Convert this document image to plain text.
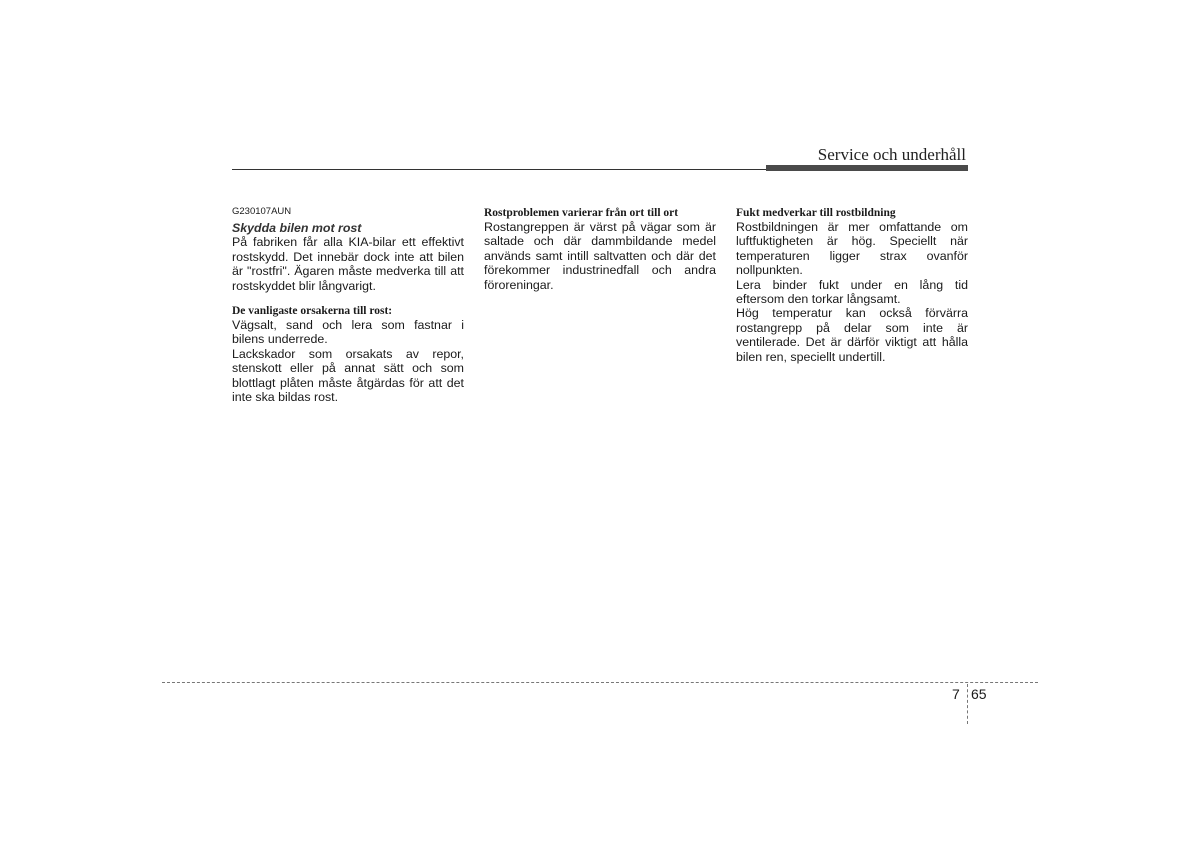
Service och underhåll
G230107AUN
Skydda bilen mot rost

På fabriken får alla KIA-bilar ett effektivt rostskydd. Det innebär dock inte att bilen är "rostfri". Ägaren måste medverka till att rostskyddet blir långvarigt.

De vanligaste orsakerna till rost:

Vägsalt, sand och lera som fastnar i bilens underrede.

Lackskador som orsakats av repor, stenskott eller på annat sätt och som blottlagt plåten måste åtgärdas för att det inte ska bildas rost.

Rostproblemen varierar från ort till ort

Rostangreppen är värst på vägar som är saltade och där dammbildande medel används samt intill saltvatten och där det förekommer industrinedfall och andra föroreningar.

Fukt medverkar till rostbildning

Rostbildningen är mer omfattande om luftfuktigheten är hög. Speciellt när temperaturen ligger strax ovanför nollpunkten.

Lera binder fukt under en lång tid eftersom den torkar långsamt.

Hög temperatur kan också förvärra rostangrepp på delar som inte är ventilerade. Det är därför viktigt att hålla bilen ren, speciellt undertill.

7 65
